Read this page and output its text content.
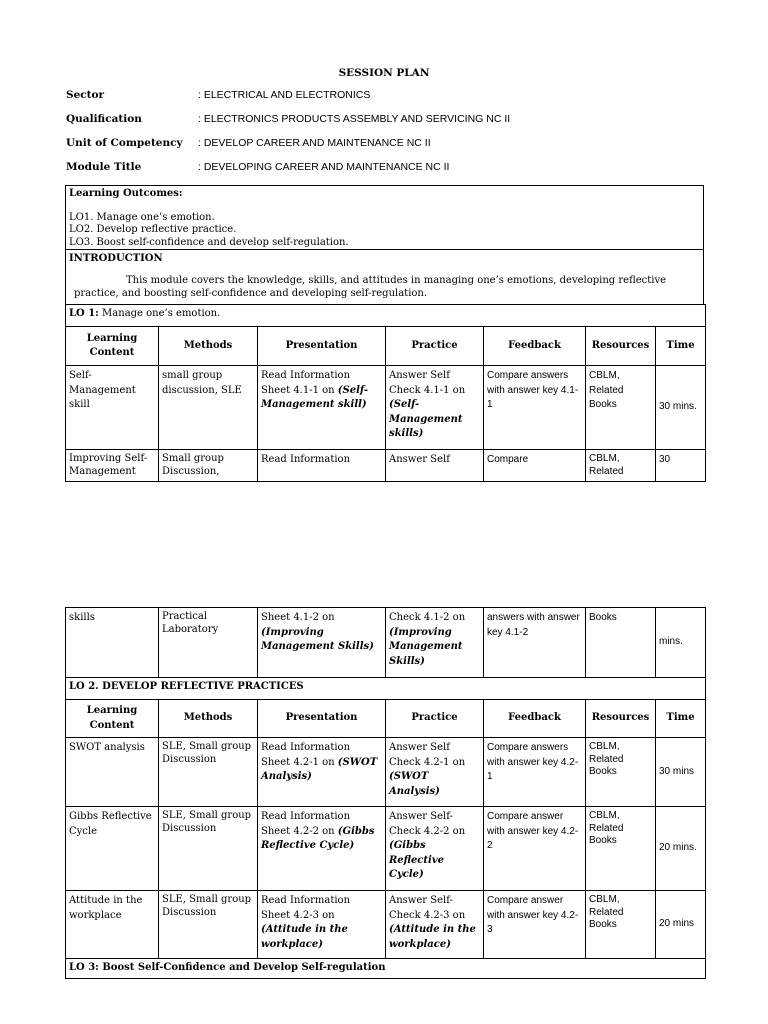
SESSION PLAN
Sector	: ELECTRICAL AND ELECTRONICS
Qualification	: ELECTRONICS PRODUCTS ASSEMBLY AND SERVICING NC II
Unit of Competency : DEVELOP CAREER AND MAINTENANCE NC II
Module Title	: DEVELOPING CAREER AND MAINTENANCE NC II
Learning Outcomes:
LO1. Manage one’s emotion.
LO2. Develop reflective practice.
LO3. Boost self-confidence and develop self-regulation.
INTRODUCTION
This module covers the knowledge, skills, and attitudes in managing one’s emotions, developing reflective
practice, and boosting self-confidence and developing self-regulation.
LO 1: Manage one’s emotion.						
Learning Content	Methods	Presentation	Practice	Feedback	Resources	Time
Self-Management skill	small group discussion, SLE	Read Information Sheet 4.1-1 on (Self-Management skill)	Answer Self Check 4.1-1 on (Self-Management skills)	Compare answers with answer key 4.1-1	CBLM, Related Books	30 mins.
Improving Self-Management	Small group Discussion,	Read Information	Answer Self	Compare	CBLM, Related	30
skills	Practical Laboratory	Sheet 4.1-2 on (Improving Management Skills)	Check 4.1-2 on (Improving Management Skills)	answers with answer key 4.1-2	Books	mins.
LO 2. DEVELOP REFLECTIVE PRACTICES						
Learning Content	Methods	Presentation	Practice	Feedback	Resources	Time
SWOT analysis	SLE, Small group Discussion	Read Information Sheet 4.2-1 on (SWOT Analysis)	Answer Self Check 4.2-1 on (SWOT Analysis)	Compare answers with answer key 4.2-1	CBLM, Related Books	30 mins
Gibbs Reflective Cycle	SLE, Small group Discussion	Read Information Sheet 4.2-2 on (Gibbs Reflective Cycle)	Answer Self-Check 4.2-2 on (Gibbs Reflective Cycle)	Compare answer with answer key 4.2-2	CBLM, Related Books	20 mins.
Attitude in the workplace	SLE, Small group Discussion	Read Information Sheet 4.2-3 on (Attitude in the workplace)	Answer Self-Check 4.2-3 on (Attitude in the workplace)	Compare answer with answer key 4.2-3	CBLM, Related Books	20 mins
LO 3: Boost Self-Confidence and Develop Self-regulation						
